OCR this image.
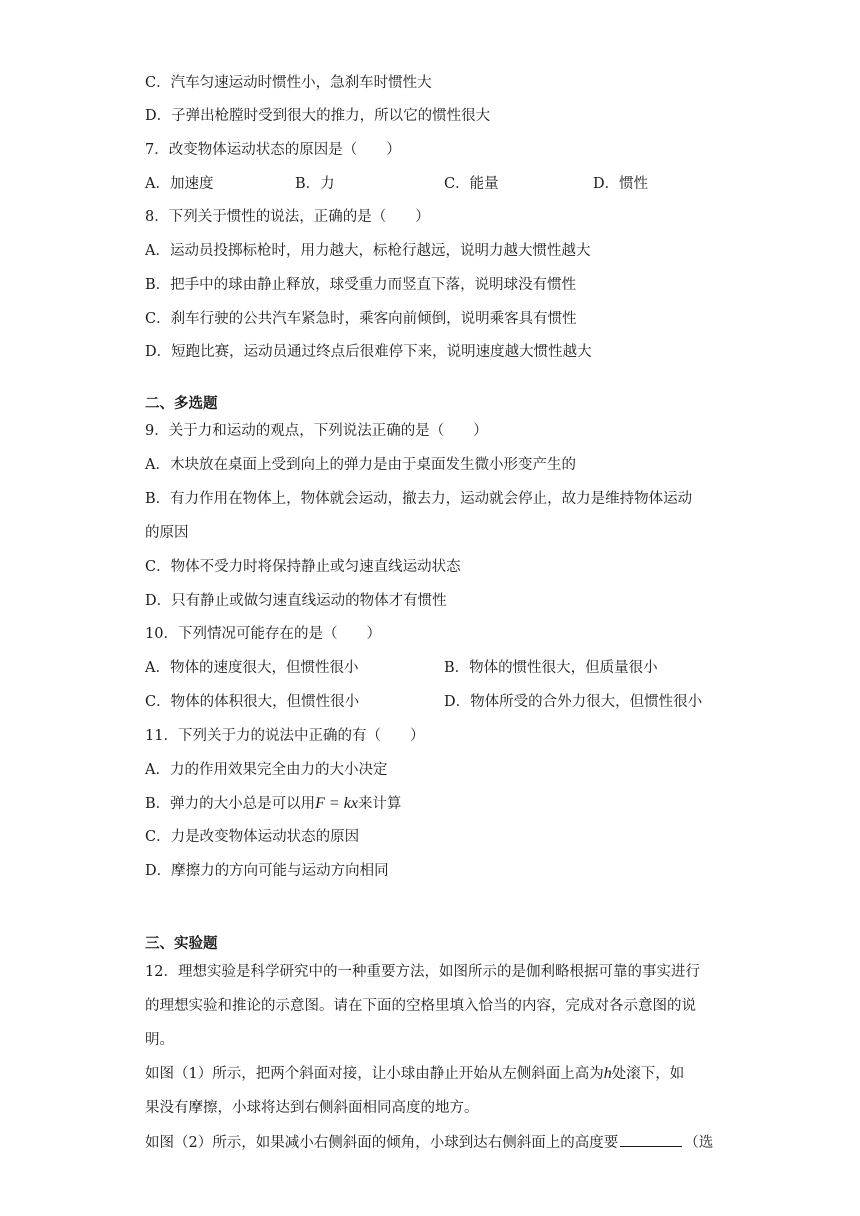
C．汽车匀速运动时惯性小，急刹车时惯性大
D．子弹出枪膛时受到很大的推力，所以它的惯性很大
7．改变物体运动状态的原因是（　　）
A．加速度	B．力	C．能量	D．惯性
8．下列关于惯性的说法，正确的是（　　）
A．运动员投掷标枪时，用力越大，标枪行越远，说明力越大惯性越大
B．把手中的球由静止释放，球受重力而竖直下落，说明球没有惯性
C．刹车行驶的公共汽车紧急时，乘客向前倾倒，说明乘客具有惯性
D．短跑比赛，运动员通过终点后很难停下来，说明速度越大惯性越大
二、多选题
9．关于力和运动的观点，下列说法正确的是（　　）
A．木块放在桌面上受到向上的弹力是由于桌面发生微小形变产生的
B．有力作用在物体上，物体就会运动，撤去力，运动就会停止，故力是维持物体运动
的原因
C．物体不受力时将保持静止或匀速直线运动状态
D．只有静止或做匀速直线运动的物体才有惯性
10．下列情况可能存在的是（　　）
A．物体的速度很大，但惯性很小	B．物体的惯性很大，但质量很小
C．物体的体积很大，但惯性很小	D．物体所受的合外力很大，但惯性很小
11．下列关于力的说法中正确的有（　　）
A．力的作用效果完全由力的大小决定
B．弹力的大小总是可以用F = kx来计算
C．力是改变物体运动状态的原因
D．摩擦力的方向可能与运动方向相同
三、实验题
12．理想实验是科学研究中的一种重要方法，如图所示的是伽利略根据可靠的事实进行
的理想实验和推论的示意图。请在下面的空格里填入恰当的内容，完成对各示意图的说
明。
如图（1）所示，把两个斜面对接，让小球由静止开始从左侧斜面上高为h处滚下，如
果没有摩擦，小球将达到右侧斜面相同高度的地方。
如图（2）所示，如果减小右侧斜面的倾角，小球到达右侧斜面上的高度要	（选
